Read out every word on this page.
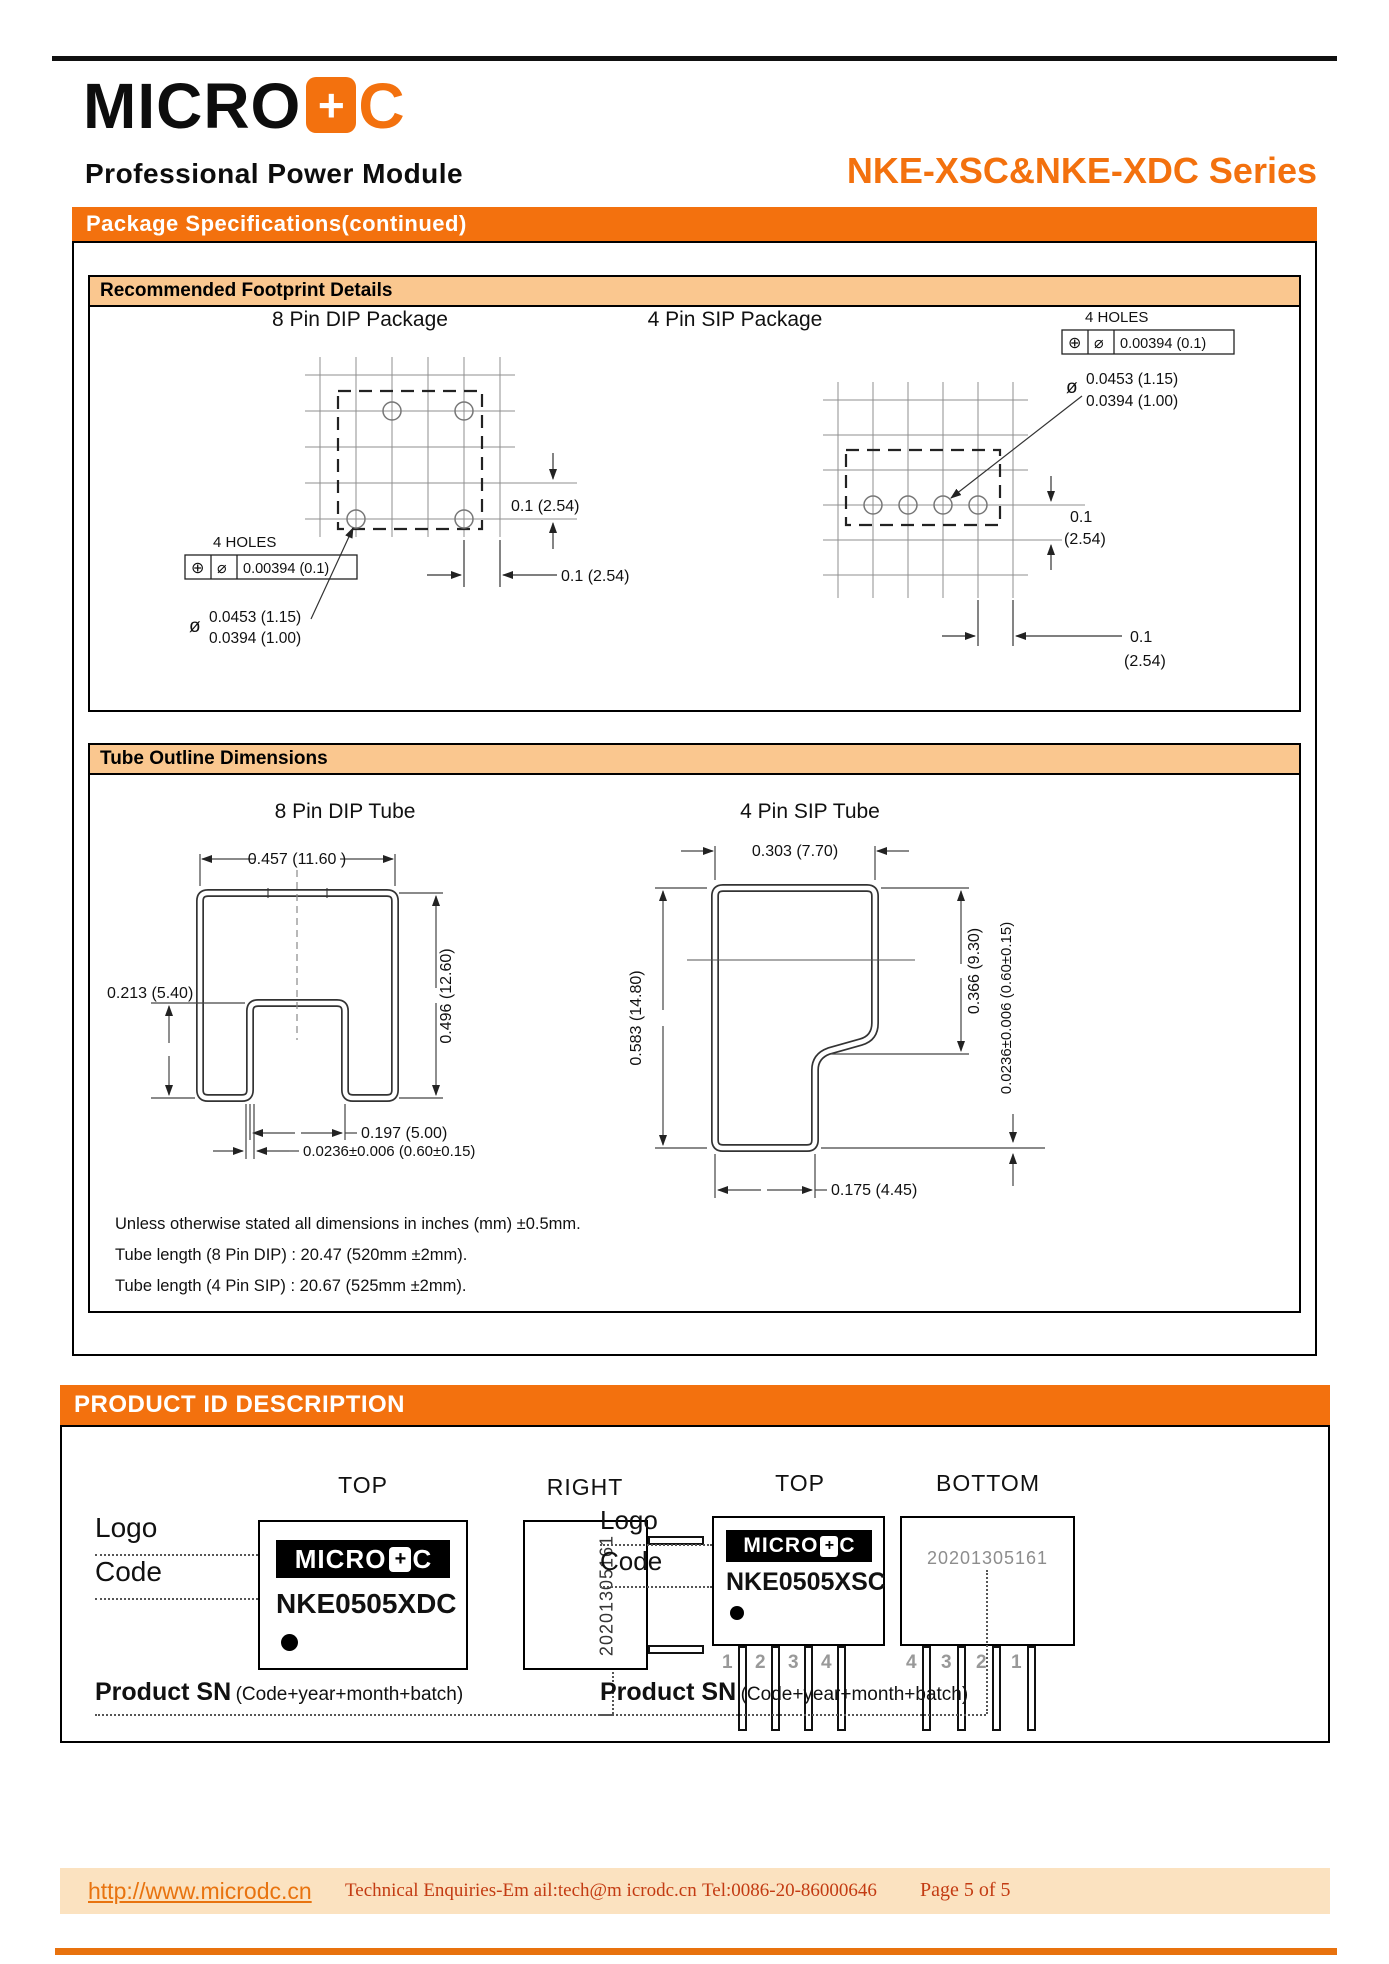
MICRO + C
Professional Power Module	NKE-XSC&NKE-XDC Series
Package Specifications(continued)
Recommended Footprint Details
8 Pin DIP Package	4 Pin SIP Package
0.1 (2.54)
0.1 (2.54)
4 HOLES
⊕ ⌀ 0.00394 (0.1)
ø 0.0453 (1.15)
0.0394 (1.00)
0.1
(2.54)
0.1
(2.54)
4 HOLES
⊕ ⌀ 0.00394 (0.1)
ø 0.0453 (1.15)
0.0394 (1.00)
Tube Outline Dimensions
8 Pin DIP Tube	4 Pin SIP Tube
0.457 (11.60 )
0.496 (12.60)
0.213 (5.40)
0.197 (5.00)
0.0236±0.006 (0.60±0.15)
0.303 (7.70)
0.583 (14.80)	0.366 (9.30) 0.0236±0.006 (0.60±0.15)
0.175 (4.45)
Unless otherwise stated all dimensions in inches (mm) ±0.5mm.
Tube length (8 Pin DIP) : 20.47 (520mm ±2mm).
Tube length (4 Pin SIP) : 20.67 (525mm ±2mm).
PRODUCT ID DESCRIPTION
TOP	RIGHT
Logo
Code	MICRO + C
NKE0505XDC	20201305161
Product SN (Code+year+month+batch)
TOP	BOTTOM
Logo
Code
MICRO + C
NKE0505XSC
1 2 3 4
20201305161
4 3 2 1
Product SN (Code+year+month+batch)
http://www.microdc.cn Technical Enquiries-Em ail:tech@m icrodc.cn Tel:0086-20-86000646 Page 5 of 5
